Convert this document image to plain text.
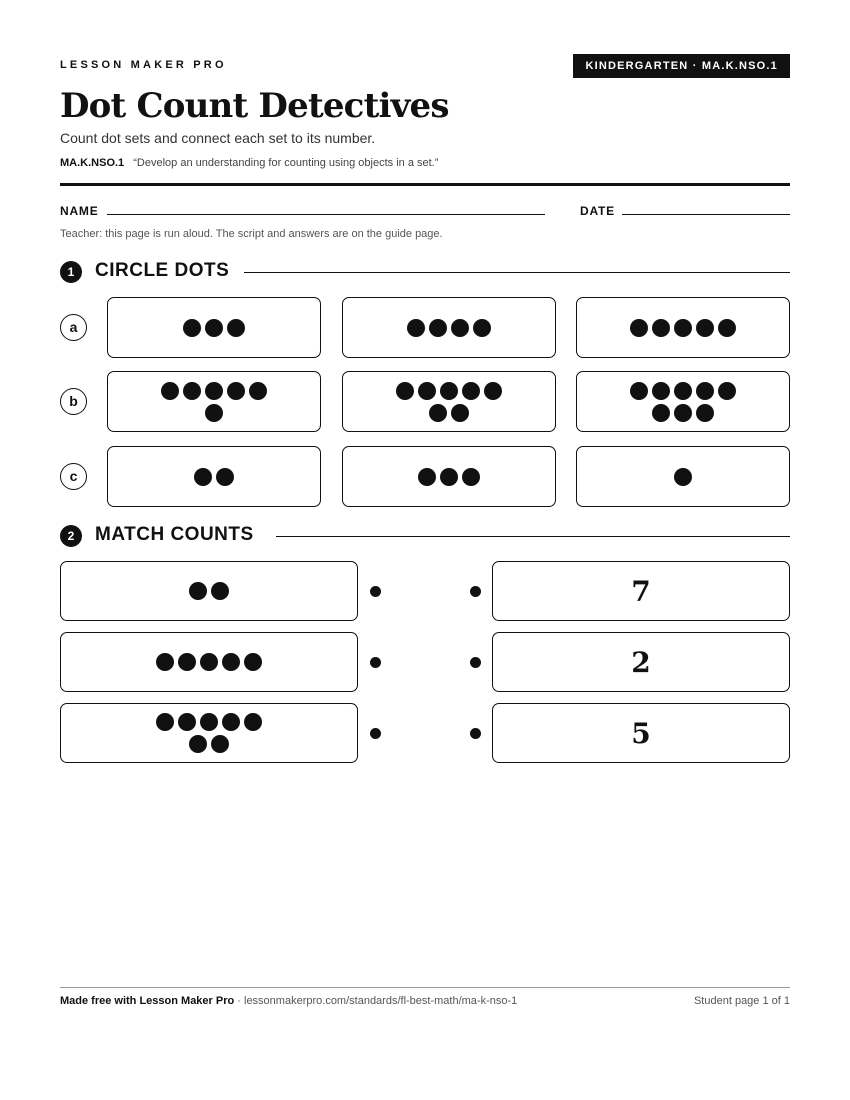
LESSON MAKER PRO	KINDERGARTEN · MA.K.NSO.1
Dot Count Detectives
Count dot sets and connect each set to its number.
MA.K.NSO.1 “Develop an understanding for counting using objects in a set.”
NAME	DATE
Teacher: this page is run aloud. The script and answers are on the guide page.
1	CIRCLE DOTS
a
b
c
2	MATCH COUNTS
7
2
5
Made free with Lesson Maker Pro · lessonmakerpro.com/standards/fl-best-math/ma-k-nso-1	Student page 1 of 1
